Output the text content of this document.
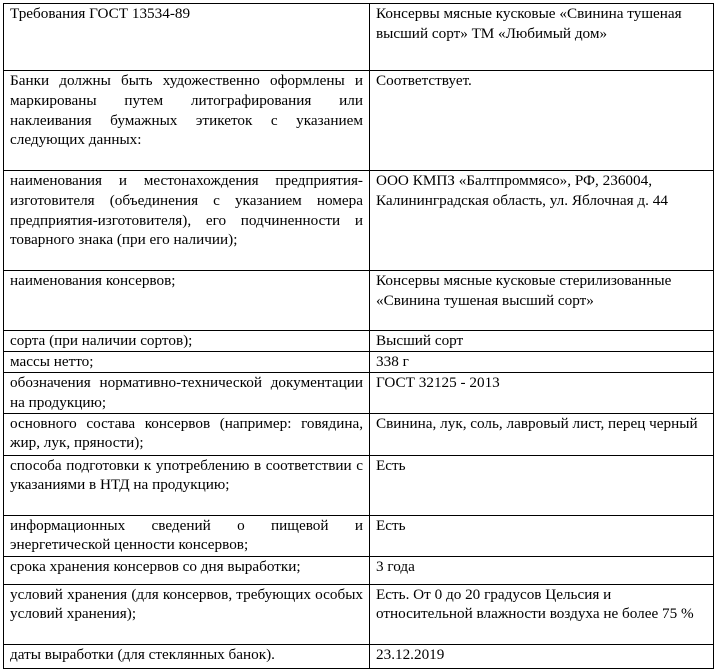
Требования ГОСТ 13534-89	Консервы мясные кусковые «Свинина тушеная высший сорт» ТМ «Любимый дом»
Банки должны быть художественно оформлены и маркированы путем литографирования или наклеивания бумажных этикеток с указанием следующих данных:	Соответствует.
наименования и местонахождения предприятия-изготовителя (объединения с указанием номера предприятия-изготовителя), его подчиненности и товарного знака (при его наличии);	ООО КМПЗ «Балтпроммясо», РФ, 236004, Калининградская область, ул. Яблочная д. 44
наименования консервов;	Консервы мясные кусковые стерилизованные «Свинина тушеная высший сорт»
сорта (при наличии сортов);	Высший сорт
массы нетто;	338 г
обозначения нормативно-технической документации на продукцию;	ГОСТ 32125 - 2013
основного состава консервов (например: говядина, жир, лук, пряности);	Свинина, лук, соль, лавровый лист, перец черный
способа подготовки к употреблению в соответствии с указаниями в НТД на продукцию;	Есть
информационных сведений о пищевой и энергетической ценности консервов;	Есть
срока хранения консервов со дня выработки;	3 года
условий хранения (для консервов, требующих особых условий хранения);	Есть. От 0 до 20 градусов Цельсия и относительной влажности воздуха не более 75 %
даты выработки (для стеклянных банок).	23.12.2019
